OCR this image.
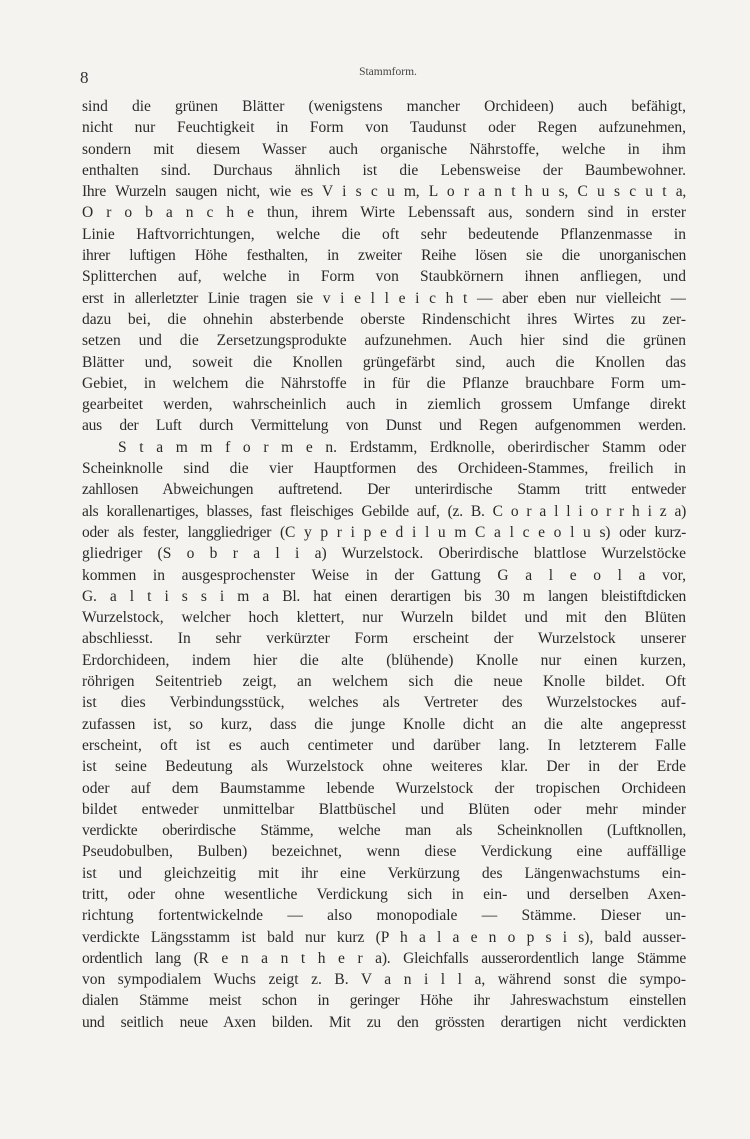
8	Stammform.
sind die grünen Blätter (wenigstens mancher Orchideen) auch befähigt,
nicht nur Feuchtigkeit in Form von Taudunst oder Regen aufzunehmen,
sondern mit diesem Wasser auch organische Nährstoffe, welche in ihm
enthalten sind. Durchaus ähnlich ist die Lebensweise der Baumbewohner.
Ihre Wurzeln saugen nicht, wie es V i s c u m, L o r a n t h u s, C u s c u t a,
O r o b a n c h e thun, ihrem Wirte Lebenssaft aus, sondern sind in erster
Linie Haftvorrichtungen, welche die oft sehr bedeutende Pflanzenmasse in
ihrer luftigen Höhe festhalten, in zweiter Reihe lösen sie die unorganischen
Splitterchen auf, welche in Form von Staubkörnern ihnen anfliegen, und
erst in allerletzter Linie tragen sie v i e l l e i c h t — aber eben nur vielleicht —
dazu bei, die ohnehin absterbende oberste Rindenschicht ihres Wirtes zu zer-
setzen und die Zersetzungsprodukte aufzunehmen. Auch hier sind die grünen
Blätter und, soweit die Knollen grüngefärbt sind, auch die Knollen das
Gebiet, in welchem die Nährstoffe in für die Pflanze brauchbare Form um-
gearbeitet werden, wahrscheinlich auch in ziemlich grossem Umfange direkt
aus der Luft durch Vermittelung von Dunst und Regen aufgenommen werden.
S t a m m f o r m e n. Erdstamm, Erdknolle, oberirdischer Stamm oder
Scheinknolle sind die vier Hauptformen des Orchideen-Stammes, freilich in
zahllosen Abweichungen auftretend. Der unterirdische Stamm tritt entweder
als korallenartiges, blasses, fast fleischiges Gebilde auf, (z. B. C o r a l l i o r r h i z a)
oder als fester, langgliedriger (C y p r i p e d i l u m C a l c e o l u s) oder kurz-
gliedriger (S o b r a l i a) Wurzelstock. Oberirdische blattlose Wurzelstöcke
kommen in ausgesprochenster Weise in der Gattung G a l e o l a vor,
G. a l t i s s i m a Bl. hat einen derartigen bis 30 m langen bleistiftdicken
Wurzelstock, welcher hoch klettert, nur Wurzeln bildet und mit den Blüten
abschliesst. In sehr verkürzter Form erscheint der Wurzelstock unserer
Erdorchideen, indem hier die alte (blühende) Knolle nur einen kurzen,
röhrigen Seitentrieb zeigt, an welchem sich die neue Knolle bildet. Oft
ist dies Verbindungsstück, welches als Vertreter des Wurzelstockes auf-
zufassen ist, so kurz, dass die junge Knolle dicht an die alte angepresst
erscheint, oft ist es auch centimeter und darüber lang. In letzterem Falle
ist seine Bedeutung als Wurzelstock ohne weiteres klar. Der in der Erde
oder auf dem Baumstamme lebende Wurzelstock der tropischen Orchideen
bildet entweder unmittelbar Blattbüschel und Blüten oder mehr minder
verdickte oberirdische Stämme, welche man als Scheinknollen (Luftknollen,
Pseudobulben, Bulben) bezeichnet, wenn diese Verdickung eine auffällige
ist und gleichzeitig mit ihr eine Verkürzung des Längenwachstums ein-
tritt, oder ohne wesentliche Verdickung sich in ein- und derselben Axen-
richtung fortentwickelnde — also monopodiale — Stämme. Dieser un-
verdickte Längsstamm ist bald nur kurz (P h a l a e n o p s i s), bald ausser-
ordentlich lang (R e n a n t h e r a). Gleichfalls ausserordentlich lange Stämme
von sympodialem Wuchs zeigt z. B. V a n i l l a, während sonst die sympo-
dialen Stämme meist schon in geringer Höhe ihr Jahreswachstum einstellen
und seitlich neue Axen bilden. Mit zu den grössten derartigen nicht verdickten
